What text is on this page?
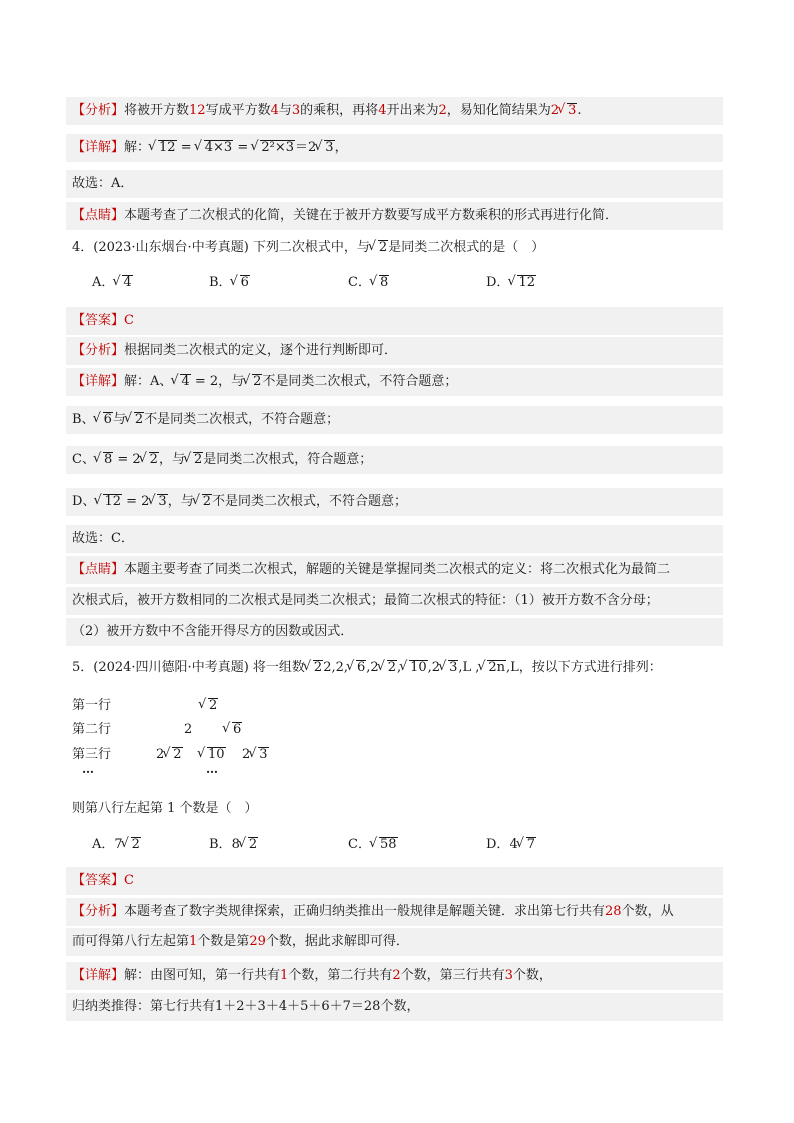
【分析】将被开方数12写成平方数4与3的乘积，再将4开出来为2，易知化简结果为2 √ 3.
【详解】解： √ 12 = √ 4×3 = √ 2²×3＝2 √ 3，
故选：A．
【点睛】本题考查了二次根式的化简，关键在于被开方数要写成平方数乘积的形式再进行化简．
4．(2023·山东烟台·中考真题) 下列二次根式中，与 √ 2是同类二次根式的是（　）
A． √ 4	B． √ 6	C． √ 8	D． √ 12
【答案】C
【分析】根据同类二次根式的定义，逐个进行判断即可．
【详解】解：A、 √ 4 = 2，与 √ 2不是同类二次根式，不符合题意；
B、 √ 6与 √ 2不是同类二次根式，不符合题意；
C、 √ 8 = 2 √ 2，与 √ 2是同类二次根式，符合题意；
D、 √ 12 = 2 √ 3，与 √ 2不是同类二次根式，不符合题意；
故选：C．
【点睛】本题主要考查了同类二次根式，解题的关键是掌握同类二次根式的定义：将二次根式化为最简二
次根式后，被开方数相同的二次根式是同类二次根式；最简二次根式的特征：（1）被开方数不含分母；
（2）被开方数中不含能开得尽方的因数或因式．
5．(2024·四川德阳·中考真题) 将一组数 √ 22,2, √ 6,2 √ 2, √ 10,2 √ 3,L , √ 2n,L，按以下方式进行排列：
第一行	√ 2
第二行	2	√ 6
第三行	2 √ 2	√ 10 2 √ 3
…	…
则第八行左起第 1 个数是（　）
A．7 √ 2	B．8 √ 2	C． √ 58	D．4 √ 7
【答案】C
【分析】本题考查了数字类规律探索，正确归纳类推出一般规律是解题关键．求出第七行共有28个数，从
而可得第八行左起第1个数是第29个数，据此求解即可得．
【详解】解：由图可知，第一行共有1个数，第二行共有2个数，第三行共有3个数，
归纳类推得：第七行共有1＋2＋3＋4＋5＋6＋7＝28个数，
